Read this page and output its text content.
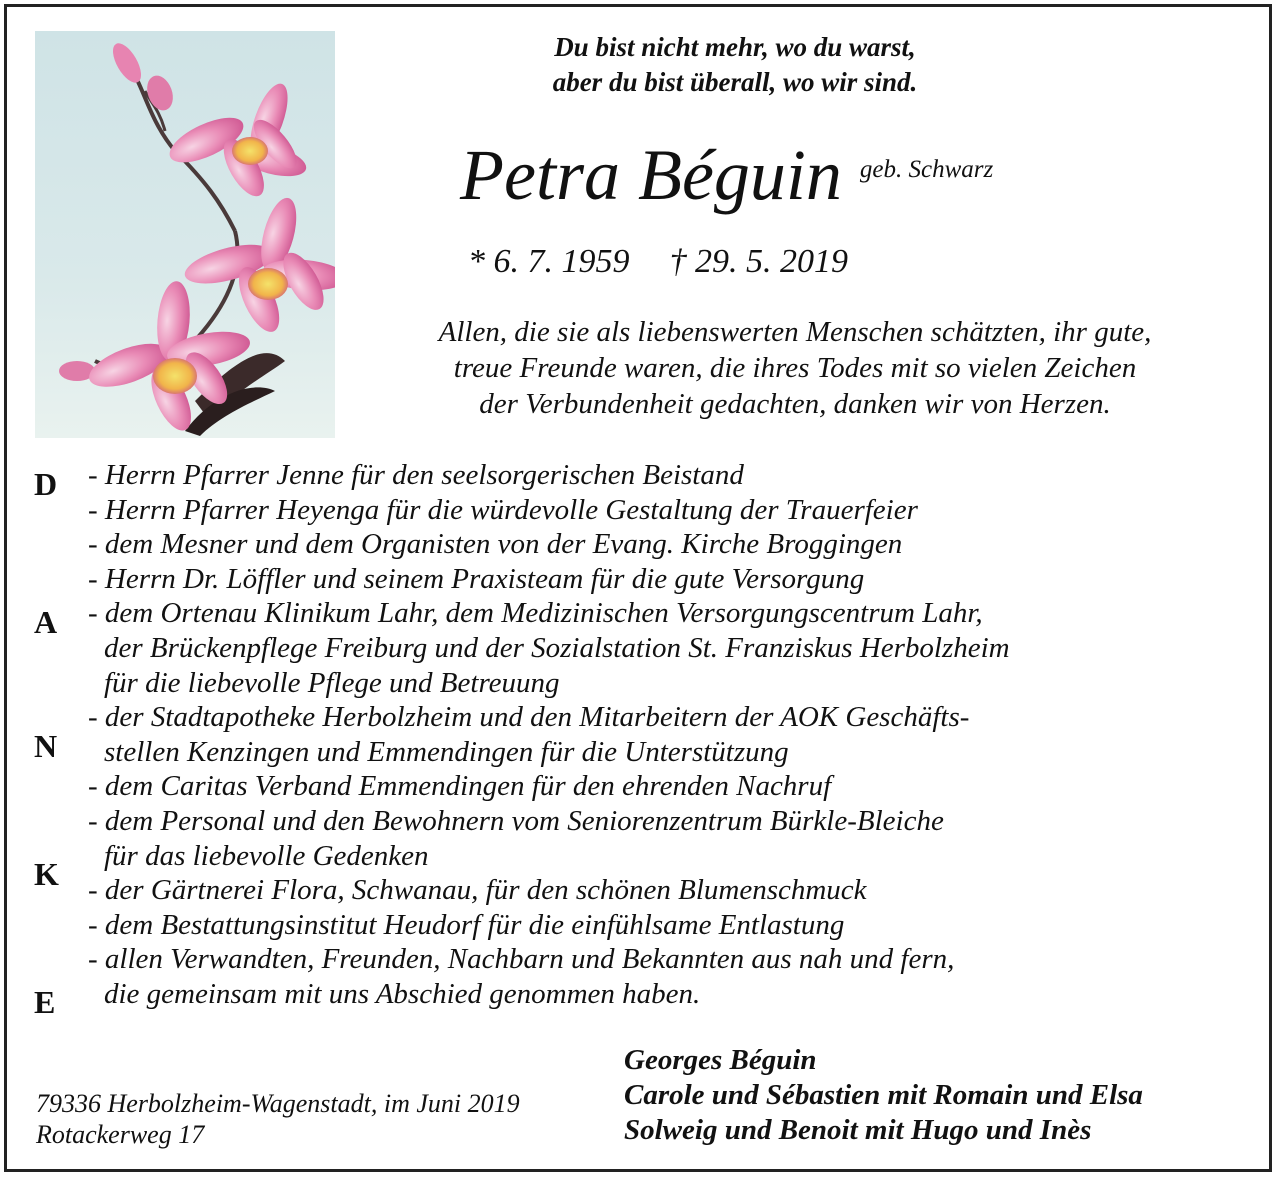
Du bist nicht mehr, wo du warst,
aber du bist überall, wo wir sind.
Petra Béguin geb. Schwarz
* 6. 7. 1959 † 29. 5. 2019
Allen, die sie als liebenswerten Menschen schätzten, ihr gute,
treue Freunde waren, die ihres Todes mit so vielen Zeichen
der Verbundenheit gedachten, danken wir von Herzen.
D
A
N
K
E
- Herrn Pfarrer Jenne für den seelsorgerischen Beistand
- Herrn Pfarrer Heyenga für die würdevolle Gestaltung der Trauerfeier
- dem Mesner und dem Organisten von der Evang. Kirche Broggingen
- Herrn Dr. Löffler und seinem Praxisteam für die gute Versorgung
- dem Ortenau Klinikum Lahr, dem Medizinischen Versorgungscentrum Lahr,
der Brückenpflege Freiburg und der Sozialstation St. Franziskus Herbolzheim
für die liebevolle Pflege und Betreuung
- der Stadtapotheke Herbolzheim und den Mitarbeitern der AOK Geschäfts-
stellen Kenzingen und Emmendingen für die Unterstützung
- dem Caritas Verband Emmendingen für den ehrenden Nachruf
- dem Personal und den Bewohnern vom Seniorenzentrum Bürkle-Bleiche
für das liebevolle Gedenken
- der Gärtnerei Flora, Schwanau, für den schönen Blumenschmuck
- dem Bestattungsinstitut Heudorf für die einfühlsame Entlastung
- allen Verwandten, Freunden, Nachbarn und Bekannten aus nah und fern,
die gemeinsam mit uns Abschied genommen haben.
79336 Herbolzheim-Wagenstadt, im Juni 2019
Rotackerweg 17
Georges Béguin
Carole und Sébastien mit Romain und Elsa
Solweig und Benoit mit Hugo und Inès
